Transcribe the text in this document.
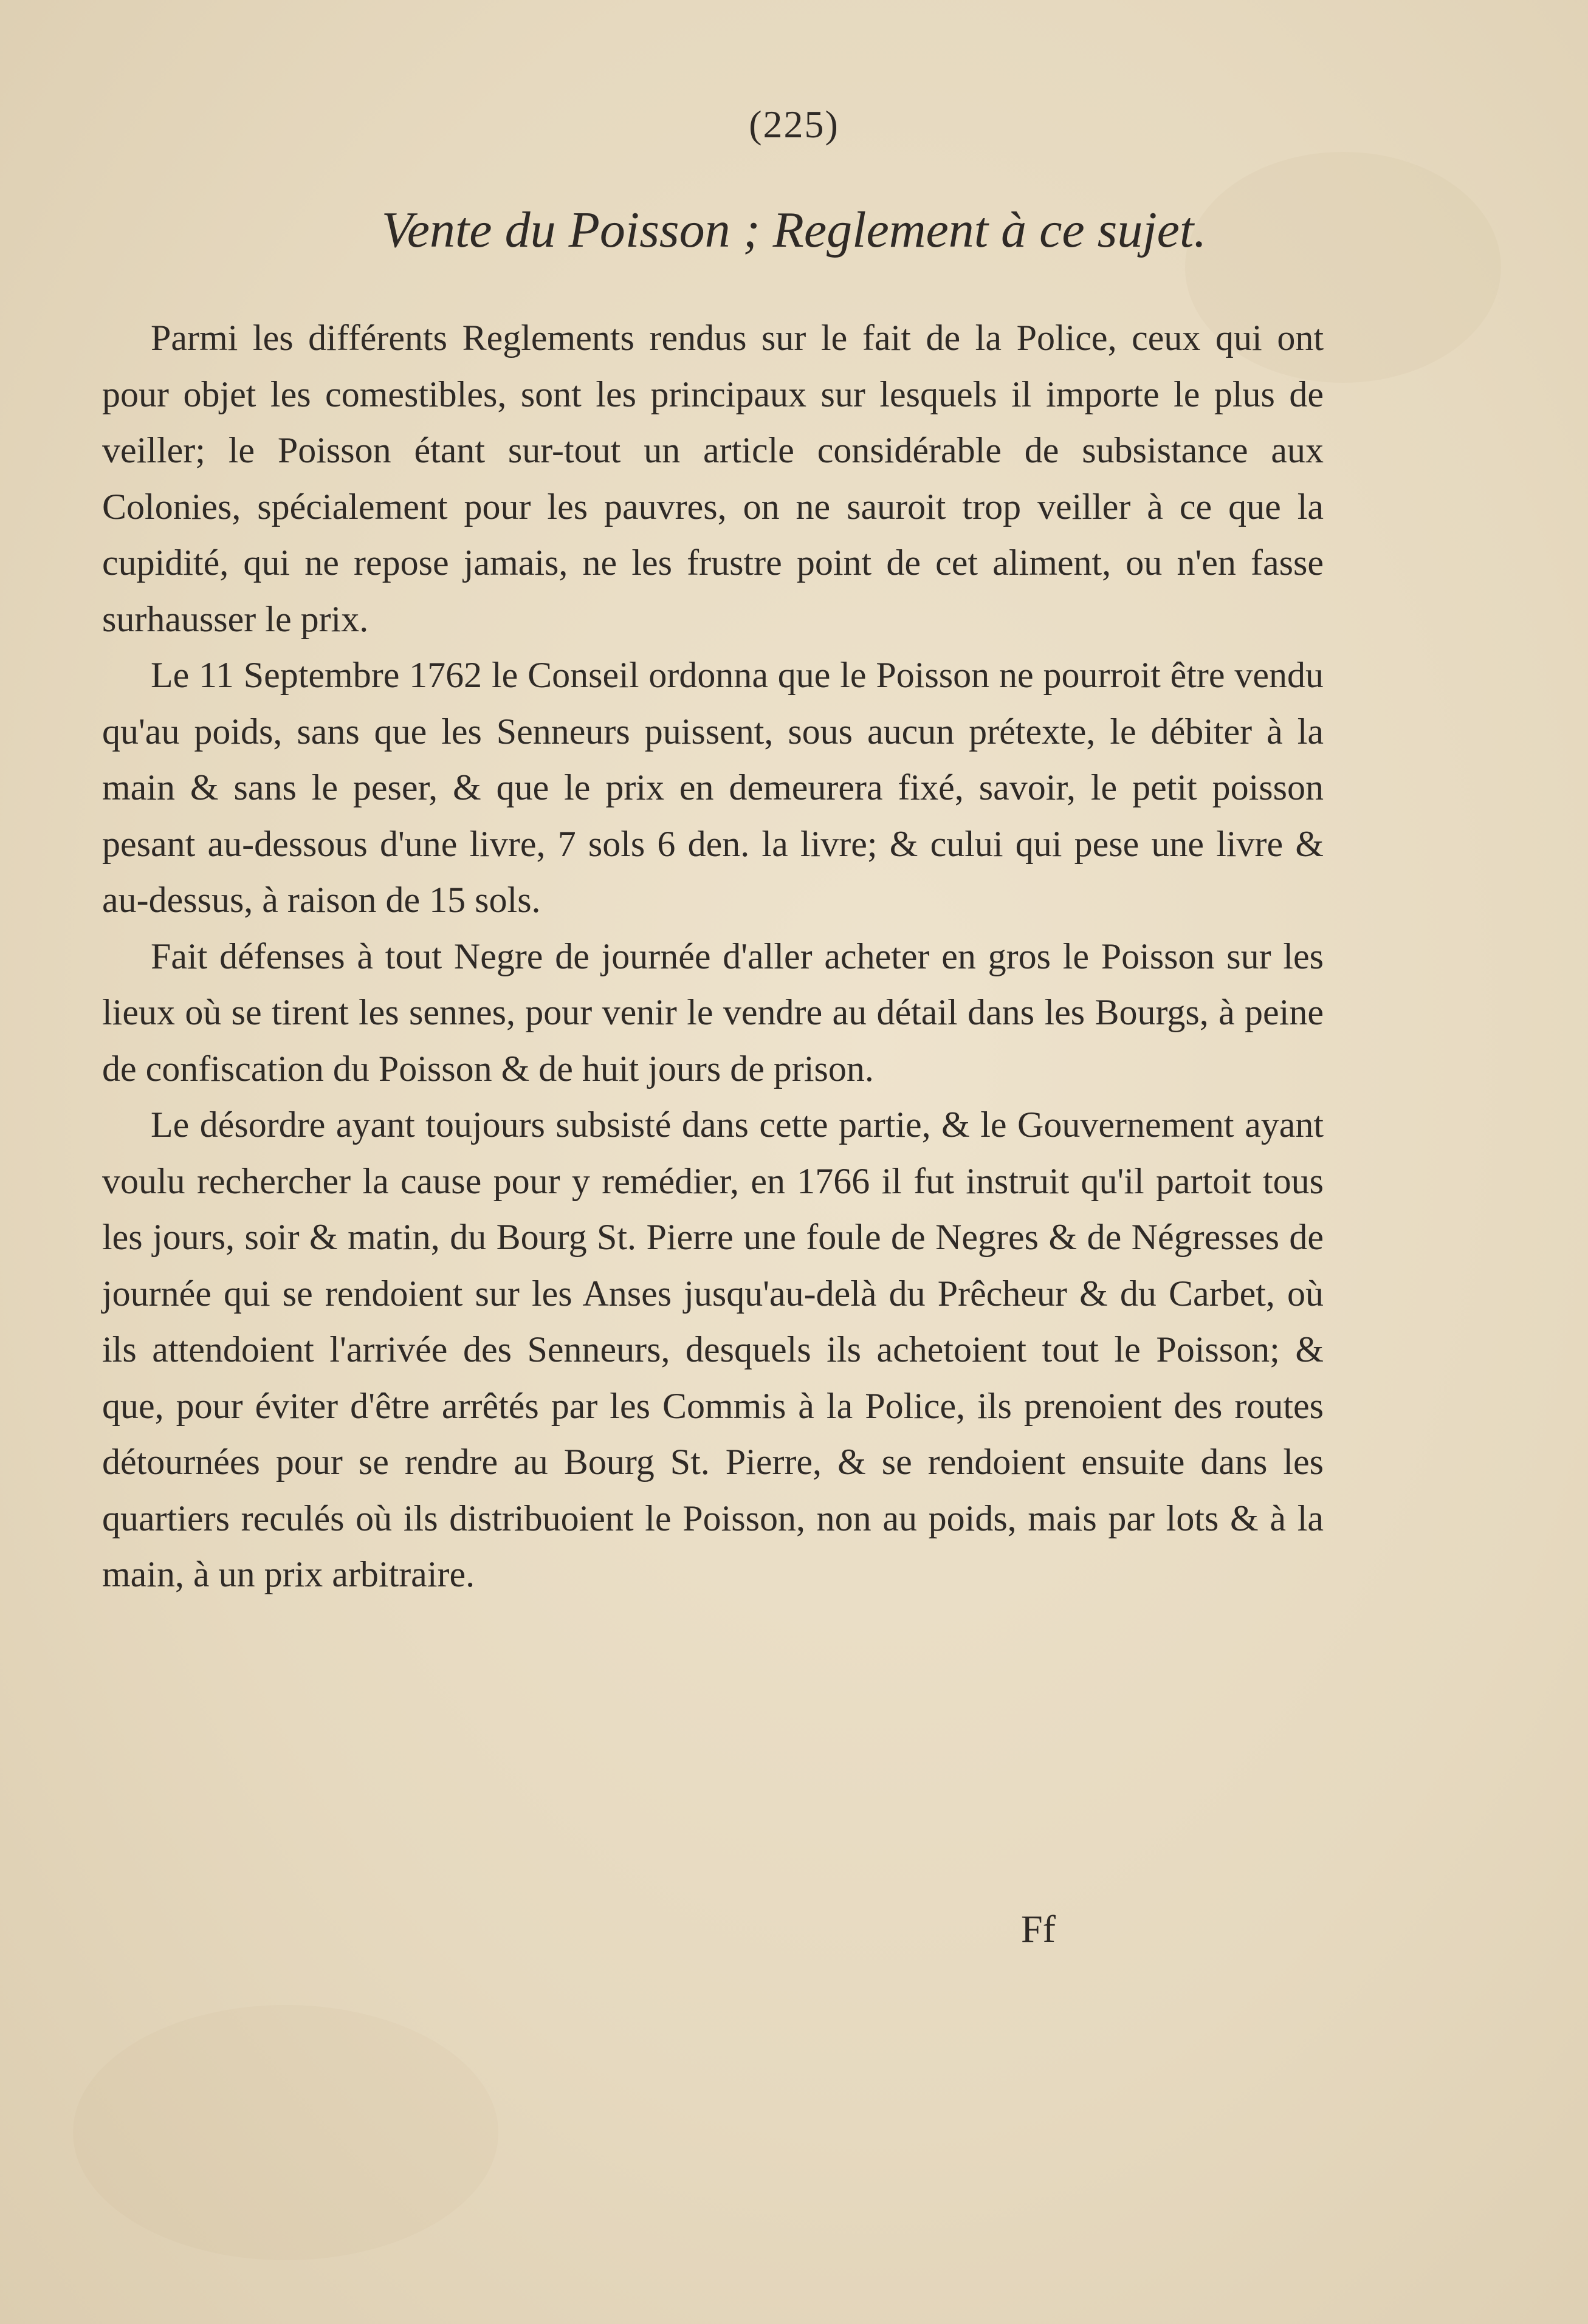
(225)
Vente du Poisson ; Reglement à ce sujet.

Parmi les différents Reglements rendus sur le fait de la Police, ceux qui ont pour objet les comestibles, sont les principaux sur lesquels il importe le plus de veiller; le Poisson étant sur-tout un article considérable de subsistance aux Colonies, spécialement pour les pauvres, on ne sauroit trop veiller à ce que la cupidité, qui ne repose jamais, ne les frustre point de cet aliment, ou n'en fasse surhausser le prix.

Le 11 Septembre 1762 le Conseil ordonna que le Poisson ne pourroit être vendu qu'au poids, sans que les Senneurs puissent, sous aucun prétexte, le débiter à la main & sans le peser, & que le prix en demeurera fixé, savoir, le petit poisson pesant au-dessous d'une livre, 7 sols 6 den. la livre; & cului qui pese une livre & au-dessus, à raison de 15 sols.

Fait défenses à tout Negre de journée d'aller acheter en gros le Poisson sur les lieux où se tirent les sennes, pour venir le vendre au détail dans les Bourgs, à peine de confiscation du Poisson & de huit jours de prison.

Le désordre ayant toujours subsisté dans cette partie, & le Gouvernement ayant voulu rechercher la cause pour y remédier, en 1766 il fut instruit qu'il partoit tous les jours, soir & matin, du Bourg St. Pierre une foule de Negres & de Négresses de journée qui se rendoient sur les Anses jusqu'au-delà du Prêcheur & du Carbet, où ils attendoient l'arrivée des Senneurs, desquels ils achetoient tout le Poisson; & que, pour éviter d'être arrêtés par les Commis à la Police, ils prenoient des routes détournées pour se rendre au Bourg St. Pierre, & se rendoient ensuite dans les quartiers reculés où ils distribuoient le Poisson, non au poids, mais par lots & à la main, à un prix arbitraire.

Ff
